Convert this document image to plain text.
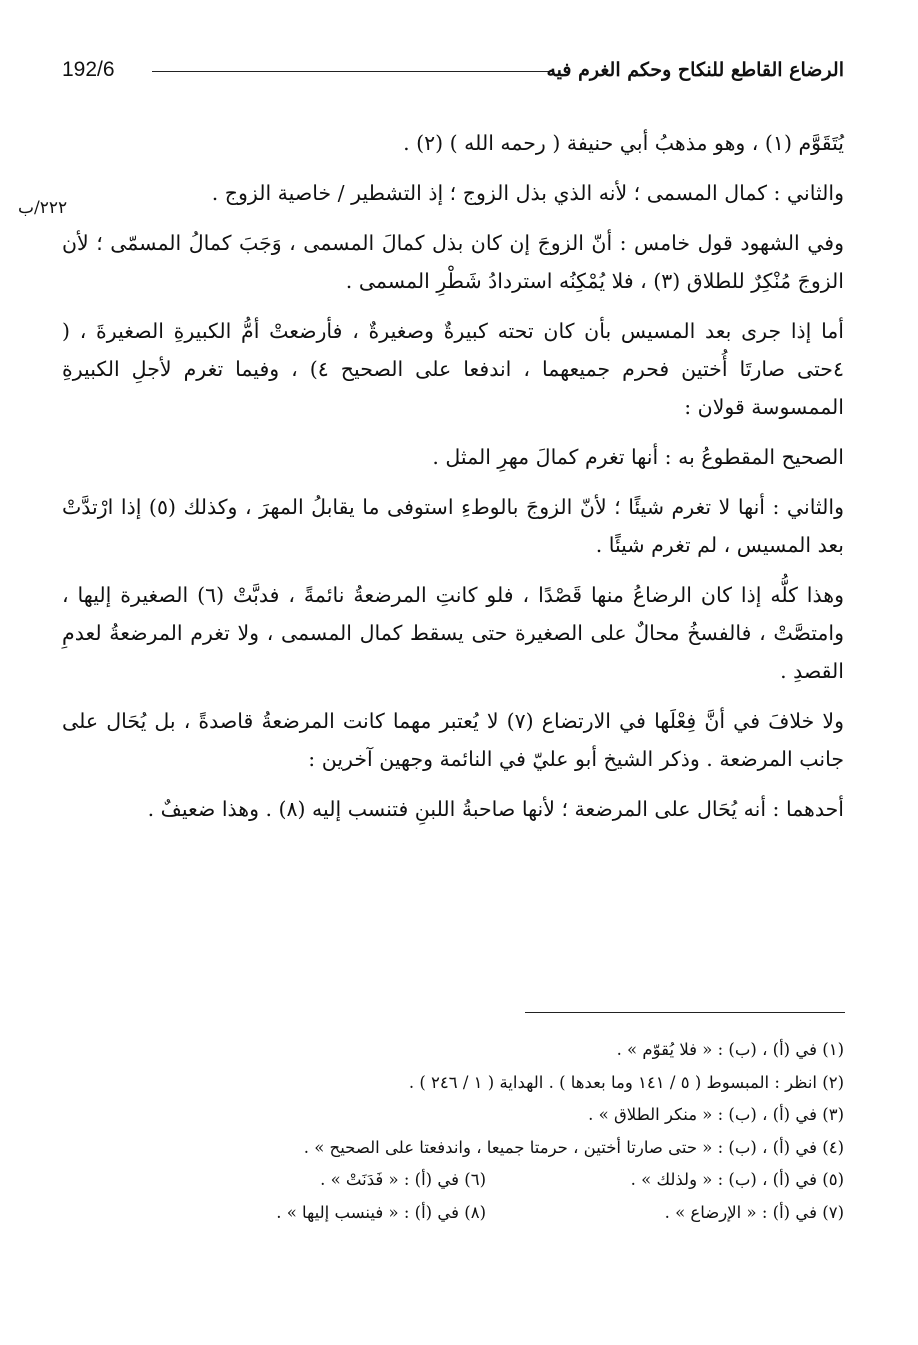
192/6	الرضاع القاطع للنكاح وحكم الغرم فيه
٢٢٢/ب

يُتَقَوَّم (١) ، وهو مذهبُ أبي حنيفة ( رحمه الله ) (٢) .

والثاني : كمال المسمى ؛ لأنه الذي بذل الزوج ؛ إذ التشطير / خاصية الزوج .

وفي الشهود قول خامس : أنّ الزوجَ إن كان بذل كمالَ المسمى ، وَجَبَ كمالُ المسمّى ؛ لأن الزوجَ مُنْكِرٌ للطلاق (٣) ، فلا يُمْكِنُه استردادُ شَطْرِ المسمى .

أما إذا جرى بعد المسيس بأن كان تحته كبيرةٌ وصغيرةٌ ، فأرضعتْ أمُّ الكبيرةِ الصغيرةَ ، ( ٤حتى صارتَا أُختين فحرم جميعهما ، اندفعا على الصحيح ٤) ، وفيما تغرم لأجلِ الكبيرةِ الممسوسة قولان :

الصحيح المقطوعُ به : أنها تغرم كمالَ مهرِ المثل .

والثاني : أنها لا تغرم شيئًا ؛ لأنّ الزوجَ بالوطءِ استوفى ما يقابلُ المهرَ ، وكذلك (٥) إذا ارْتدَّتْ بعد المسيس ، لم تغرم شيئًا .

وهذا كلُّه إذا كان الرضاعُ منها قَصْدًا ، فلو كانتِ المرضعةُ نائمةً ، فدبَّتْ (٦) الصغيرة إليها ، وامتصَّتْ ، فالفسخُ محالٌ على الصغيرة حتى يسقط كمال المسمى ، ولا تغرم المرضعةُ لعدمِ القصدِ .

ولا خلافَ في أنَّ فِعْلَها في الارتضاع (٧) لا يُعتبر مهما كانت المرضعةُ قاصدةً ، بل يُحَال على جانب المرضعة . وذكر الشيخ أبو عليّ في النائمة وجهين آخرين :

أحدهما : أنه يُحَال على المرضعة ؛ لأنها صاحبةُ اللبنِ فتنسب إليه (٨) . وهذا ضعيفٌ .

(١) في (أ) ، (ب) : « فلا يُقوّم » .
(٢) انظر : المبسوط ( ٥ / ١٤١ وما بعدها ) . الهداية ( ١ / ٢٤٦ ) .
(٣) في (أ) ، (ب) : « منكر الطلاق » .
(٤) في (أ) ، (ب) : « حتى صارتا أختين ، حرمتا جميعا ، واندفعتا على الصحيح » .
(٥) في (أ) ، (ب) : « ولذلك » .
(٦) في (أ) : « فَدَنَتْ » .
(٧) في (أ) : « الإرضاع » .
(٨) في (أ) : « فينسب إليها » .
